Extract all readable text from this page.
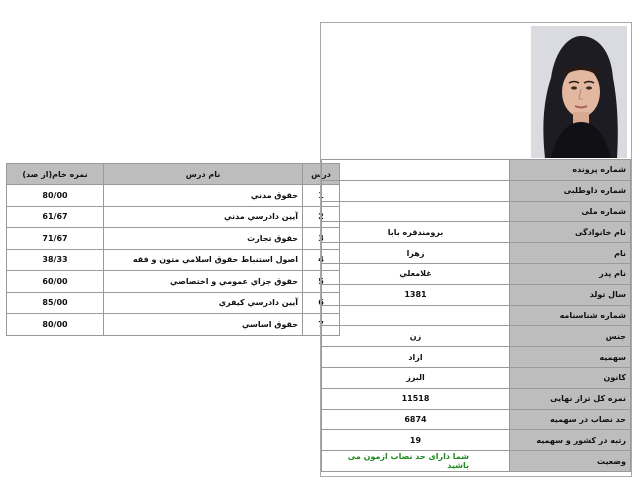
درس	نام درس	نمره خام(از صد)
1	حقوق مدني	80/00
2	آيين دادرسي مدني	61/67
3	حقوق تجارت	71/67
4	اصول استنباط حقوق اسلامي متون و فقه	38/33
5	حقوق جزاي عمومي و اختصاصي	60/00
6	آيين دادرسي كيفري	85/00
7	حقوق اساسي	80/00
شماره پرونده	
شماره داوطلبی	
شماره ملی	
نام خانوادگی	برومندقره بابا
نام	زهرا
نام پدر	غلامعلي
سال تولد	1381
شماره شناسنامه	
جنس	زن
سهمیه	ازاد
کانون	البرز
نمره کل تراز نهایی	11518
حد نصاب در سهمیه	6874
رتبه در کشور و سهمیه	19
وضعیت	شما دارای حد نصاب ازمون می باشید
